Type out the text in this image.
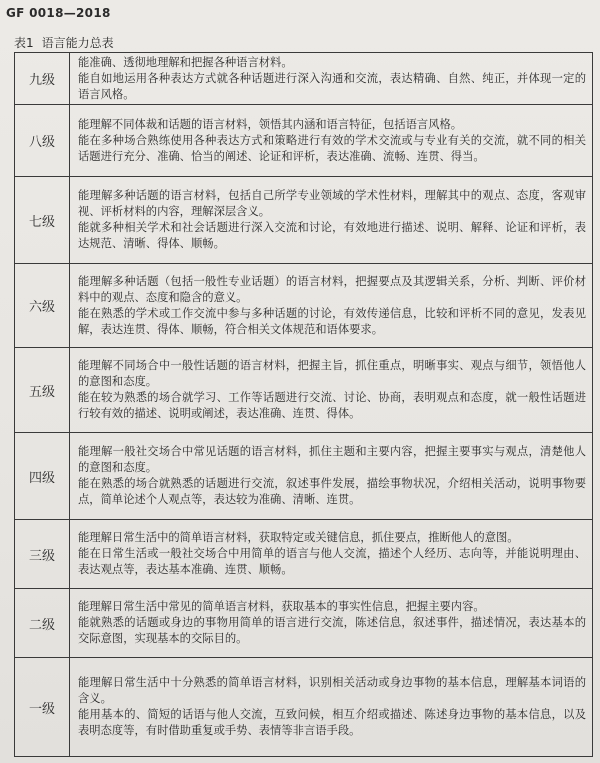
GF 0018—2018
表1 语言能力总表
九级	能准确、透彻地理解和把握各种语言材料。

能自如地运用各种表达方式就各种话题进行深入沟通和交流，表达精确、自然、纯正，并体现一定的语言风格。

八级	能理解不同体裁和话题的语言材料，领悟其内涵和语言特征，包括语言风格。

能在多种场合熟练使用各种表达方式和策略进行有效的学术交流或与专业有关的交流，就不同的相关话题进行充分、准确、恰当的阐述、论证和评析，表达准确、流畅、连贯、得当。

七级	能理解多种话题的语言材料，包括自己所学专业领域的学术性材料，理解其中的观点、态度，客观审视、评析材料的内容，理解深层含义。

能就多种相关学术和社会话题进行深入交流和讨论，有效地进行描述、说明、解释、论证和评析，表达规范、清晰、得体、顺畅。

六级	能理解多种话题（包括一般性专业话题）的语言材料，把握要点及其逻辑关系，分析、判断、评价材料中的观点、态度和隐含的意义。

能在熟悉的学术或工作交流中参与多种话题的讨论，有效传递信息，比较和评析不同的意见，发表见解，表达连贯、得体、顺畅，符合相关文体规范和语体要求。

五级	能理解不同场合中一般性话题的语言材料，把握主旨，抓住重点，明晰事实、观点与细节，领悟他人的意图和态度。

能在较为熟悉的场合就学习、工作等话题进行交流、讨论、协商，表明观点和态度，就一般性话题进行较有效的描述、说明或阐述，表达准确、连贯、得体。

四级	能理解一般社交场合中常见话题的语言材料，抓住主题和主要内容，把握主要事实与观点，清楚他人的意图和态度。

能在熟悉的场合就熟悉的话题进行交流，叙述事件发展，描绘事物状况，介绍相关活动，说明事物要点，简单论述个人观点等，表达较为准确、清晰、连贯。

三级	能理解日常生活中的简单语言材料，获取特定或关键信息，抓住要点，推断他人的意图。

能在日常生活或一般社交场合中用简单的语言与他人交流，描述个人经历、志向等，并能说明理由、表达观点等，表达基本准确、连贯、顺畅。

二级	能理解日常生活中常见的简单语言材料，获取基本的事实性信息，把握主要内容。

能就熟悉的话题或身边的事物用简单的语言进行交流，陈述信息，叙述事件，描述情况，表达基本的交际意图，实现基本的交际目的。

一级	能理解日常生活中十分熟悉的简单语言材料，识别相关活动或身边事物的基本信息，理解基本词语的含义。

能用基本的、简短的话语与他人交流，互致问候，相互介绍或描述、陈述身边事物的基本信息，以及表明态度等，有时借助重复或手势、表情等非言语手段。
